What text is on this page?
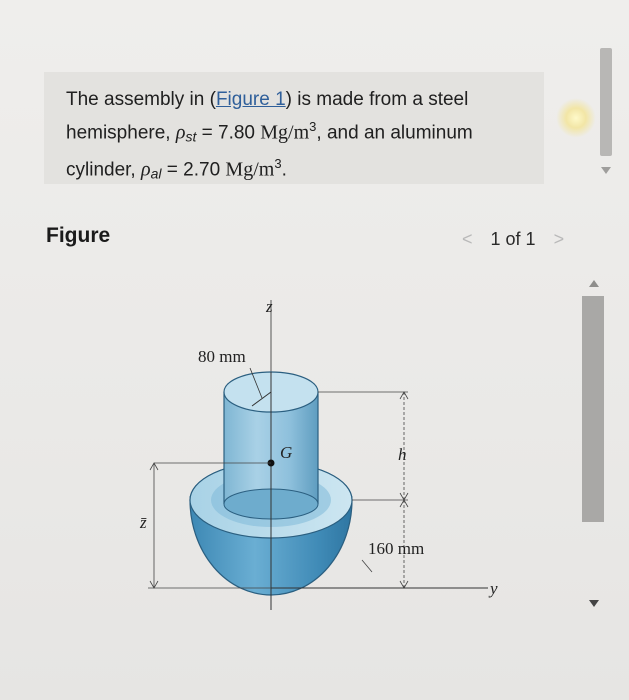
The assembly in (Figure 1) is made from a steel
hemisphere, $\rho_{st} = 7.80$ $Mg/m^3$, and an aluminum
cylinder, $\rho_{al} = 2.70$ $Mg/m^3$.
Figure	< 1 of 1 >
z
80 mm
G	h
160 mm
z̄
y
